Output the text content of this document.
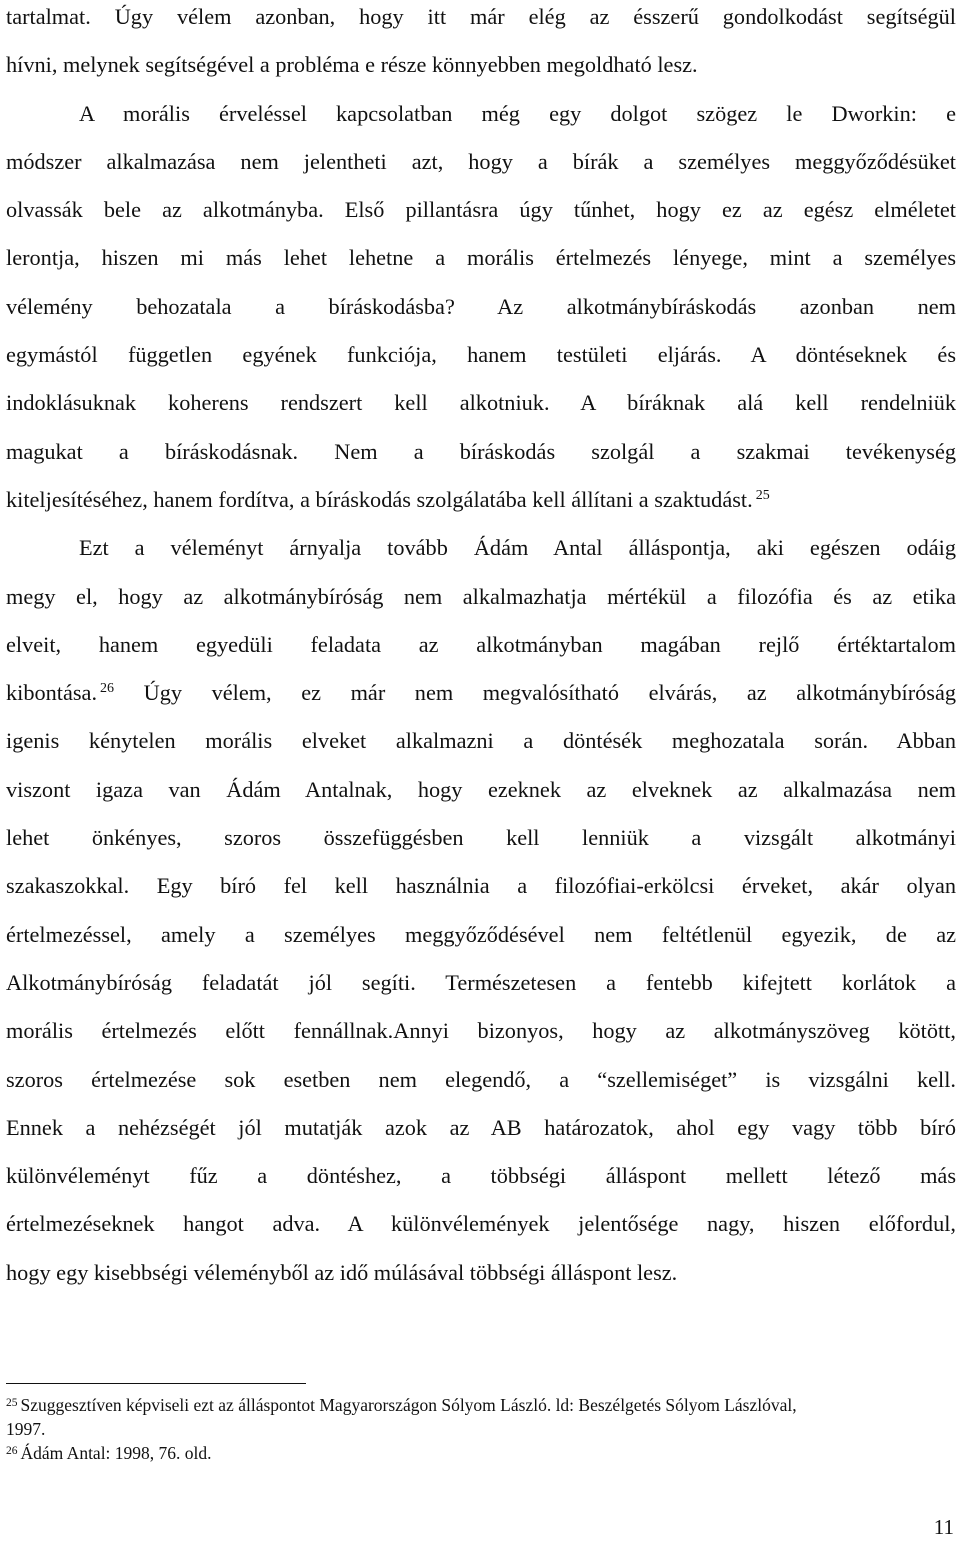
tartalmat. Úgy vélem azonban, hogy itt már elég az ésszerű gondolkodást segítségül
hívni, melynek segítségével a probléma e része könnyebben megoldható lesz.
A morális érveléssel kapcsolatban még egy dolgot szögez le Dworkin: e
módszer alkalmazása nem jelentheti azt, hogy a bírák a személyes meggyőződésüket
olvassák bele az alkotmányba. Első pillantásra úgy tűnhet, hogy ez az egész elméletet
lerontja, hiszen mi más lehet lehetne a morális értelmezés lényege, mint a személyes
vélemény behozatala a bíráskodásba? Az alkotmánybíráskodás azonban nem
egymástól független egyének funkciója, hanem testületi eljárás. A döntéseknek és
indoklásuknak koherens rendszert kell alkotniuk. A bíráknak alá kell rendelniük
magukat a bíráskodásnak. Nem a bíráskodás szolgál a szakmai tevékenység
kiteljesítéséhez, hanem fordítva, a bíráskodás szolgálatába kell állítani a szaktudást. $^{25}$
Ezt a véleményt árnyalja tovább Ádám Antal álláspontja, aki egészen odáig
megy el, hogy az alkotmánybíróság nem alkalmazhatja mértékül a filozófia és az etika
elveit, hanem egyedüli feladata az alkotmányban magában rejlő értéktartalom
kibontása. $^{26}$ Úgy vélem, ez már nem megvalósítható elvárás, az alkotmánybíróság
igenis kénytelen morális elveket alkalmazni a döntésék meghozatala során. Abban
viszont igaza van Ádám Antalnak, hogy ezeknek az elveknek az alkalmazása nem
lehet önkényes, szoros összefüggésben kell lenniük a vizsgált alkotmányi
szakaszokkal. Egy bíró fel kell használnia a filozófiai-erkölcsi érveket, akár olyan
értelmezéssel, amely a személyes meggyőződésével nem feltétlenül egyezik, de az
Alkotmánybíróság feladatát jól segíti. Természetesen a fentebb kifejtett korlátok a
morális értelmezés előtt fennállnak.Annyi bizonyos, hogy az alkotmányszöveg kötött,
szoros értelmezése sok esetben nem elegendő, a “szellemiséget” is vizsgálni kell.
Ennek a nehézségét jól mutatják azok az AB határozatok, ahol egy vagy több bíró
különvéleményt fűz a döntéshez, a többségi álláspont mellett létező más
értelmezéseknek hangot adva. A különvélemények jelentősége nagy, hiszen előfordul,
hogy egy kisebbségi véleményből az idő múlásával többségi álláspont lesz.
$^{25}$ Szuggesztíven képviseli ezt az álláspontot Magyarországon Sólyom László. ld: Beszélgetés Sólyom Lászlóval,
1997.
$^{26}$ Ádám Antal: 1998, 76. old.
11
